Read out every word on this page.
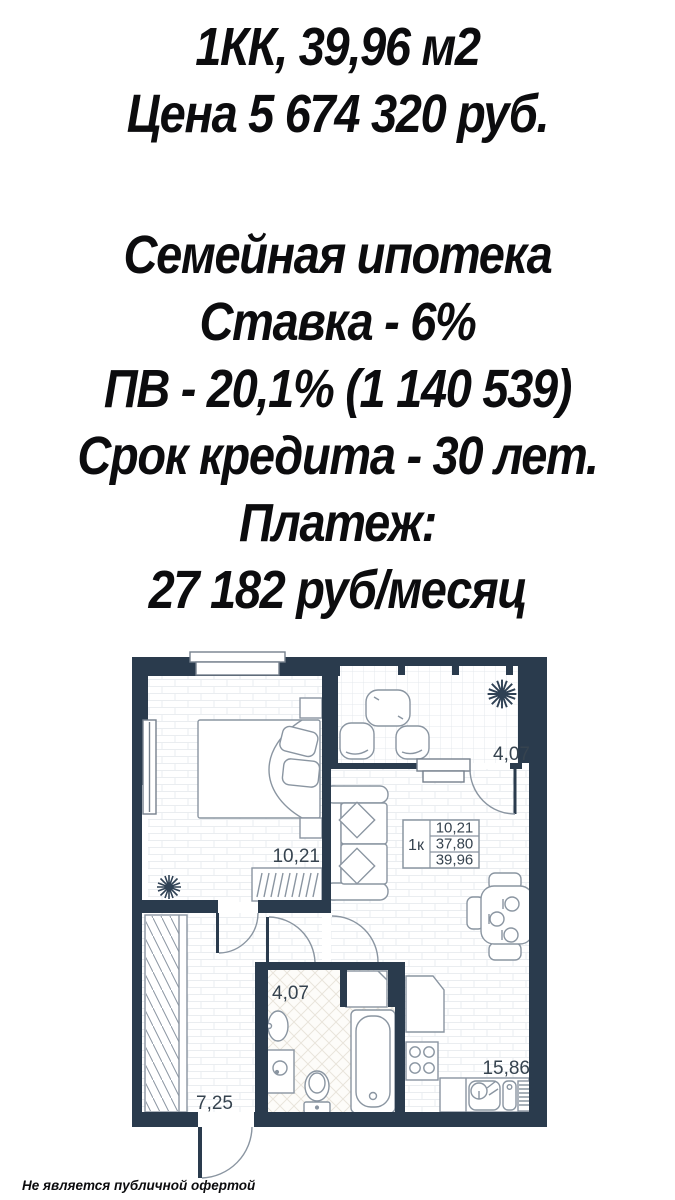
1КК, 39,96 м2
Цена 5 674 320 руб.
Семейная ипотека
Ставка - 6%
ПВ - 20,1% (1 140 539)
Срок кредита - 30 лет.
Платеж:
27 182 руб/месяц
4,07
10,21
4,07
7,25
15,86
1к
10,21
37,80
39,96
Не является публичной офертой
